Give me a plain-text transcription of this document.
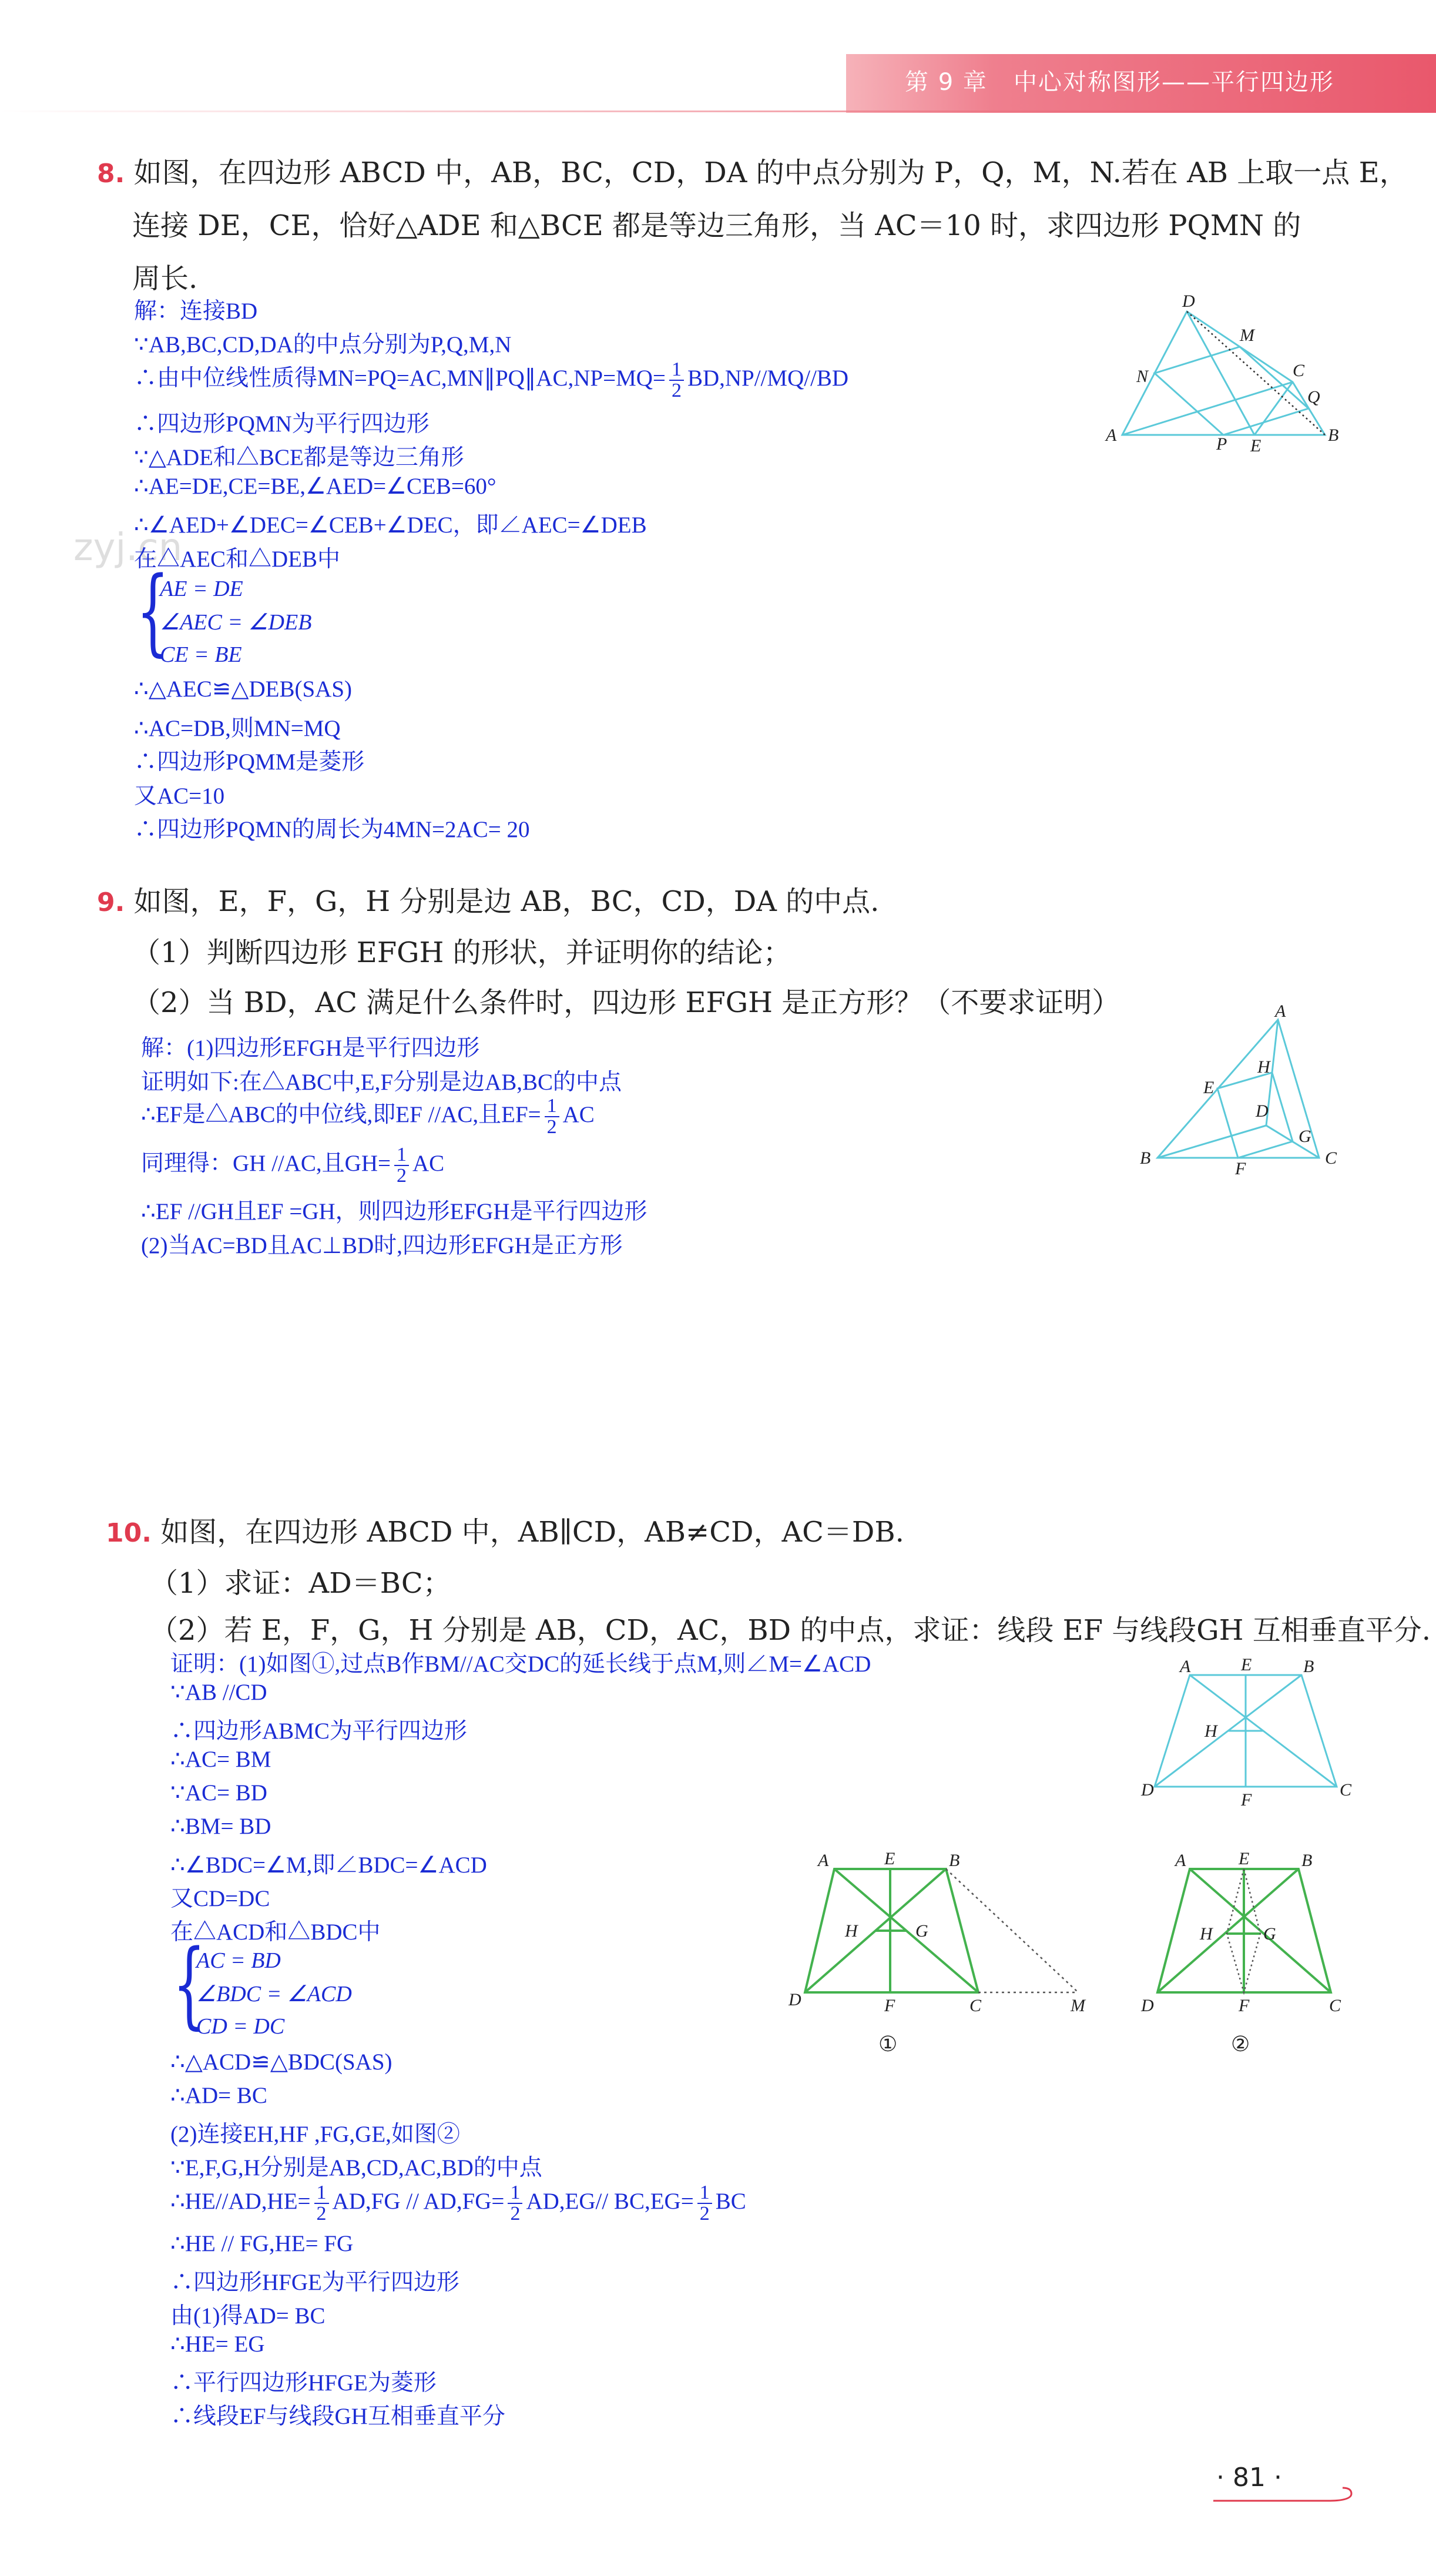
第 9 章 中心对称图形——平行四边形
zyj.cn
8. 如图，在四边形 ABCD 中，AB，BC，CD，DA 的中点分别为 P，Q，M，N.若在 AB 上取一点 E，
连接 DE，CE，恰好△ADE 和△BCE 都是等边三角形，当 AC＝10 时，求四边形 PQMN 的
周长.
解：连接BD
∵AB,BC,CD,DA的中点分别为P,Q,M,N
∴由中位线性质得MN=PQ=AC,MN∥PQ∥AC,NP=MQ= $\frac{1}{2} BD,NP//MQ//BD$
∴四边形PQMN为平行四边形
∵△ADE和△BCE都是等边三角形
∴AE=DE,CE=BE,∠AED=∠CEB=60°
∴∠AED+∠DEC=∠CEB+∠DEC，即∠AEC=∠DEB
在△AEC和△DEB中
{
AE = DE
∠AEC = ∠DEB
CE = BE
∴△AEC≌△DEB(SAS)
∴AC=DB,则MN=MQ
∴四边形PQMM是菱形
又AC=10
∴四边形PQMN的周长为4MN=2AC= 20
D
M
C
Q
N
A	P E
B
9. 如图，E，F，G，H 分别是边 AB，BC，CD，DA 的中点.
（1）判断四边形 EFGH 的形状，并证明你的结论；
（2）当 BD，AC 满足什么条件时，四边形 EFGH 是正方形？（不要求证明）
解：(1)四边形EFGH是平行四边形
证明如下:在△ABC中,E,F分别是边AB,BC的中点
∴EF是△ABC的中位线,即EF //AC,且$EF= \frac{1}{2}$ AC
同理得：GH //AC,且$GH= \frac{1}{2}$ AC
∴EF //GH且EF =GH，则四边形EFGH是平行四边形
(2)当AC=BD且AC⊥BD时,四边形EFGH是正方形
A
H
E
D
G
B
F
C
10. 如图，在四边形 ABCD 中，AB∥CD，AB≠CD，AC＝DB.
（1）求证：AD＝BC；
（2）若 E，F，G，H 分别是 AB，CD，AC，BD 的中点，求证：线段 EF 与线段GH 互相垂直平分.
证明：(1)如图①,过点B作BM//AC交DC的延长线于点M,则∠M=∠ACD
∵AB //CD
∴四边形ABMC为平行四边形
∴AC= BM
∵AC= BD
∴BM= BD
∴∠BDC=∠M,即∠BDC=∠ACD
又CD=DC
在△ACD和△BDC中
{
AC = BD
∠BDC = ∠ACD
CD = DC
∴△ACD≌△BDC(SAS)
∴AD= BC
(2)连接EH,HF ,FG,GE,如图②
∵E,F,G,H分别是AB,CD,AC,BD的中点
∴HE//AD,HE= $\frac{1}{2} AD,FG // AD,FG= \frac{1}{2} AD,EG//$ $BC,EG= \frac{1}{2}$ BC
∴HE // FG,HE= FG
∴四边形HFGE为平行四边形
由(1)得AD= BC
∴HE= EG
∴平行四边形HFGE为菱形
∴线段EF与线段GH互相垂直平分
A	E	B
H
D
F
C
A	E	B
H	G
D	F	C	M
①
A	E	B
H	G
D	F	C
②
· 81 ·
